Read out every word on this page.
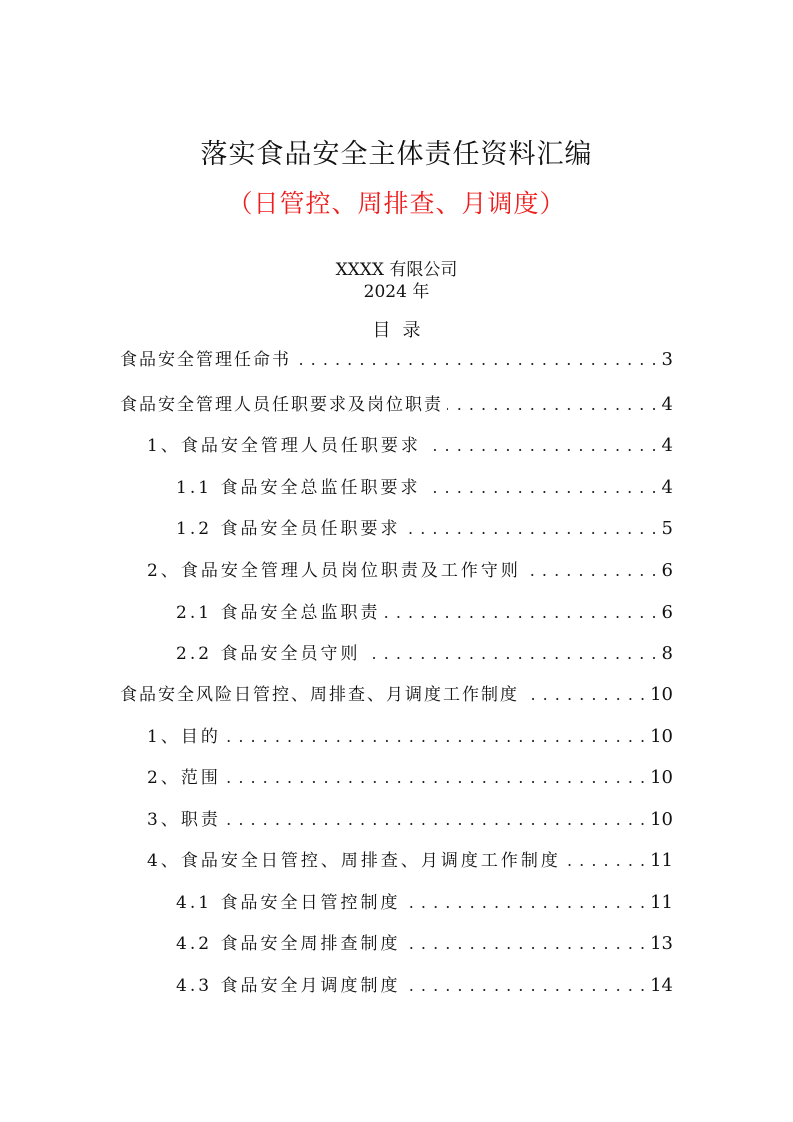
落实食品安全主体责任资料汇编
（日管控、周排查、月调度）
XXXX 有限公司
2024 年
目录
食品安全管理任命书 . . .	3
食品安全管理人员任职要求及岗位职责 . . .	4
1、食品安全管理人员任职要求 . . .	4
1.1 食品安全总监任职要求 . . .	4
1.2 食品安全员任职要求 . . .	5
2、食品安全管理人员岗位职责及工作守则 . . .	6
2.1 食品安全总监职责 . . .	6
2.2 食品安全员守则 . . .	8
食品安全风险日管控、周排查、月调度工作制度 . . .	10
1、目的 . . .	10
2、范围 . . .	10
3、职责 . . .	10
4、食品安全日管控、周排查、月调度工作制度 . . .	11
4.1 食品安全日管控制度 . . .	11
4.2 食品安全周排查制度 . . .	13
4.3 食品安全月调度制度 . . .	14
